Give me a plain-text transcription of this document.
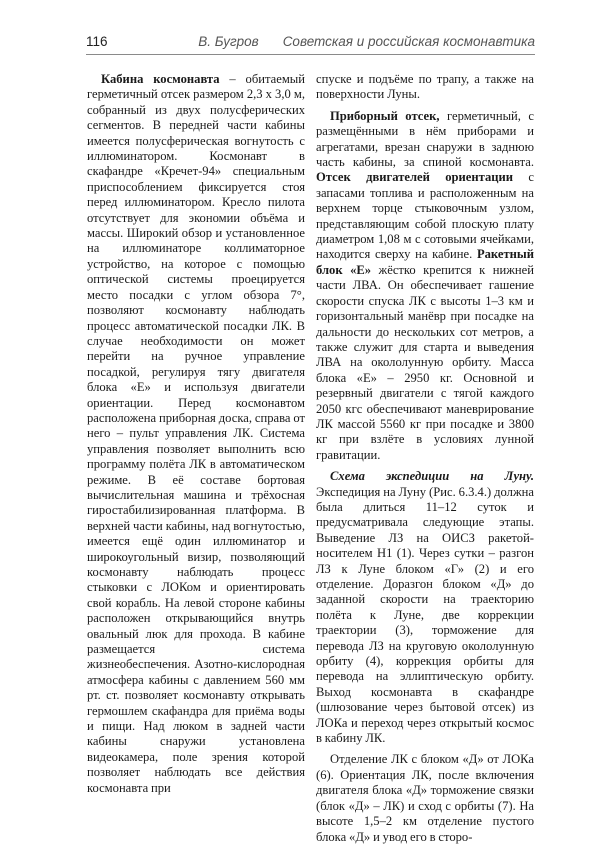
116	В. Бугров Советская и российская космонавтика

Кабина космонавта – обитаемый герметичный отсек размером 2,3 х 3,0 м, собранный из двух полусферических сегментов. В передней части кабины имеется полусферическая вогнутость с иллюминатором. Космонавт в скафандре «Кречет-94» специальным приспособлением фиксируется стоя перед иллюминатором. Кресло пилота отсутствует для экономии объёма и массы. Широкий обзор и установленное на иллюминаторе коллиматорное устройство, на которое с помощью оптической системы проецируется место посадки с углом обзора 7°, позволяют космонавту наблюдать процесс автоматической посадки ЛК. В случае необходимости он может перейти на ручное управление посадкой, регулируя тягу двигателя блока «Е» и используя двигатели ориентации. Перед космонавтом расположена приборная доска, справа от него – пульт управления ЛК. Система управления позволяет выполнить всю программу полёта ЛК в автоматическом режиме. В её составе бортовая вычислительная машина и трёхосная гиростабилизированная платформа. В верхней части кабины, над вогнутостью, имеется ещё один иллюминатор и широкоугольный визир, позволяющий космонавту наблюдать процесс стыковки с ЛОКом и ориентировать свой корабль. На левой стороне кабины расположен открывающийся внутрь овальный люк для прохода. В кабине размещается система жизнеобеспечения. Азотно-кислородная атмосфера кабины с давлением 560 мм рт. ст. позволяет космонавту открывать гермошлем скафандра для приёма воды и пищи. Над люком в задней части кабины снаружи установлена видеокамера, поле зрения которой позволяет наблюдать все действия космонавта при

спуске и подъёме по трапу, а также на поверхности Луны.

Приборный отсек, герметичный, с размещёнными в нём приборами и агрегатами, врезан снаружи в заднюю часть кабины, за спиной космонавта. Отсек двигателей ориентации с запасами топлива и расположенным на верхнем торце стыковочным узлом, представляющим собой плоскую плату диаметром 1,08 м с сотовыми ячейками, находится сверху на кабине. Ракетный блок «Е» жёстко крепится к нижней части ЛВА. Он обеспечивает гашение скорости спуска ЛК с высоты 1–3 км и горизонтальный манёвр при посадке на дальности до нескольких сот метров, а также служит для старта и выведения ЛВА на окололунную орбиту. Масса блока «Е» – 2950 кг. Основной и резервный двигатели с тягой каждого 2050 кгс обеспечивают маневрирование ЛК массой 5560 кг при посадке и 3800 кг при взлёте в условиях лунной гравитации.

Схема экспедиции на Луну. Экспедиция на Луну (Рис. 6.3.4.) должна была длиться 11–12 суток и предусматривала следующие этапы. Выведение ЛЗ на ОИСЗ ракетой-носителем Н1 (1). Через сутки – разгон ЛЗ к Луне блоком «Г» (2) и его отделение. Доразгон блоком «Д» до заданной скорости на траекторию полёта к Луне, две коррекции траектории (3), торможение для перевода ЛЗ на круговую окололунную орбиту (4), коррекция орбиты для перевода на эллиптическую орбиту. Выход космонавта в скафандре (шлюзование через бытовой отсек) из ЛОКа и переход через открытый космос в кабину ЛК.

Отделение ЛК с блоком «Д» от ЛОКа (6). Ориентация ЛК, после включения двигателя блока «Д» торможение связки (блок «Д» – ЛК) и сход с орбиты (7). На высоте 1,5–2 км отделение пустого блока «Д» и увод его в сторо-
